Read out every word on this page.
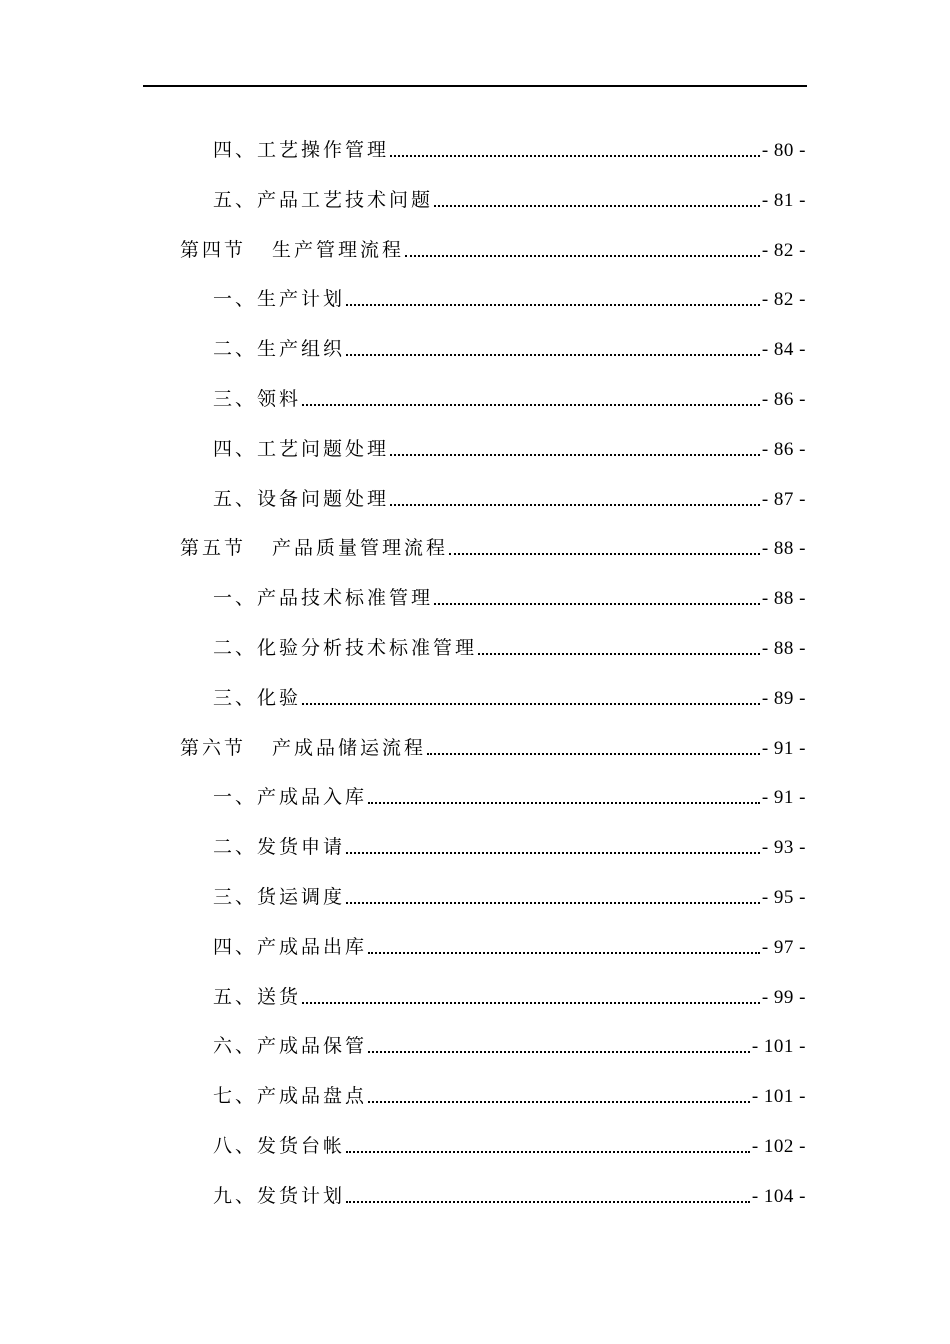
四、 工艺操作管理	- 80 -
五、 产品工艺技术问题	- 81 -
第四节 生产管理流程	- 82 -
一、 生产计划	- 82 -
二、 生产组织	- 84 -
三、 领料	- 86 -
四、 工艺问题处理	- 86 -
五、 设备问题处理	- 87 -
第五节 产品质量管理流程	- 88 -
一、 产品技术标准管理	- 88 -
二、 化验分析技术标准管理	- 88 -
三、 化验	- 89 -
第六节 产成品储运流程	- 91 -
一、 产成品入库	- 91 -
二、 发货申请	- 93 -
三、 货运调度	- 95 -
四、 产成品出库	- 97 -
五、 送货	- 99 -
六、 产成品保管	- 101 -
七、 产成品盘点	- 101 -
八、 发货台帐	- 102 -
九、 发货计划	- 104 -
